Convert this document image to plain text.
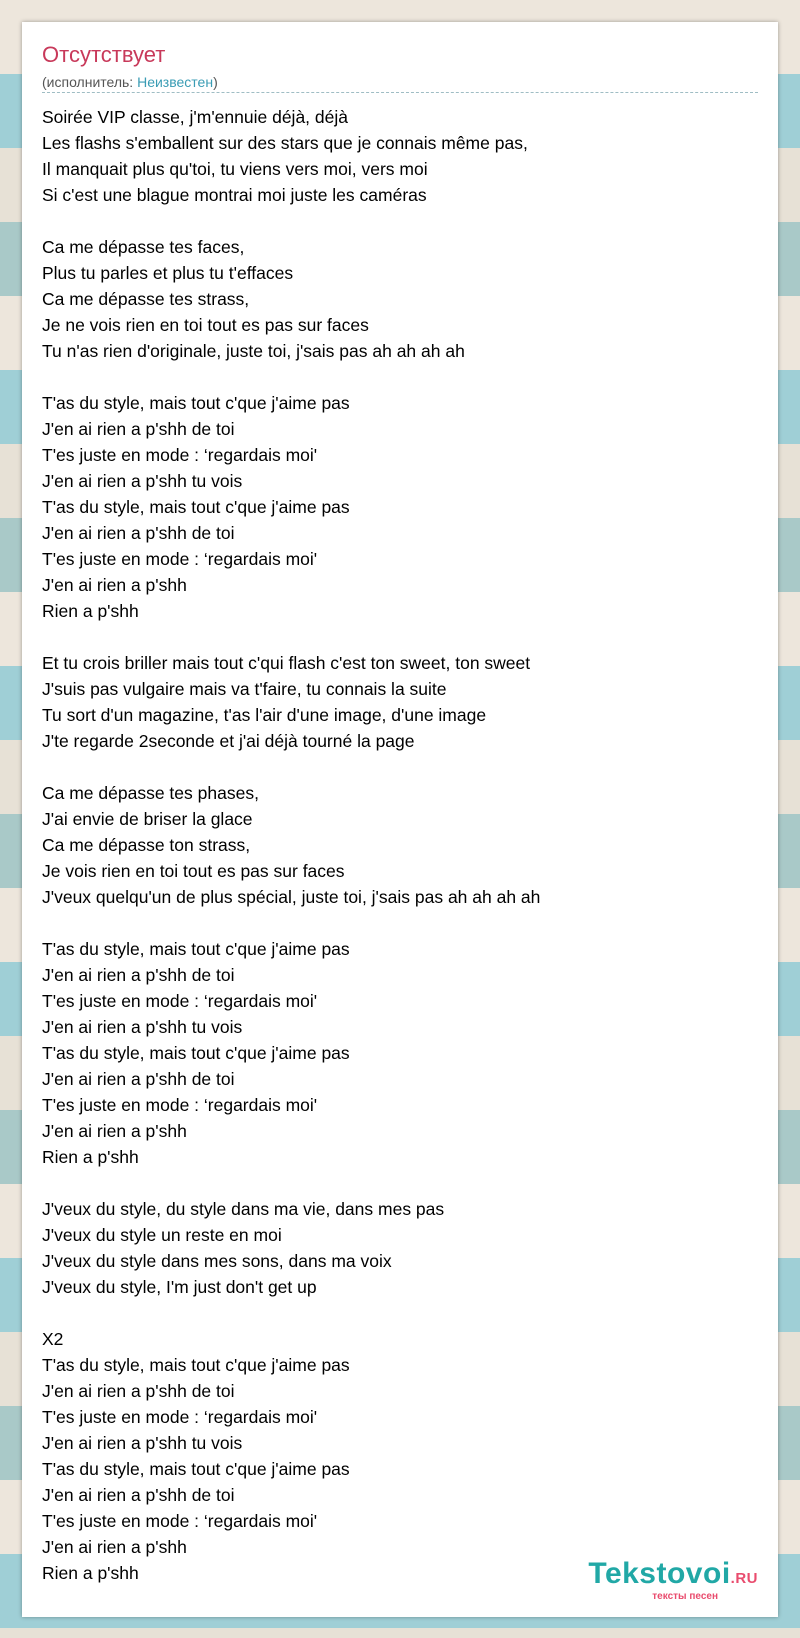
Отсутствует
(исполнитель: Неизвестен)
Soirée VIP classe, j'm'ennuie déjà, déjà
Les flashs s'emballent sur des stars que je connais même pas,
Il manquait plus qu'toi, tu viens vers moi, vers moi
Si c'est une blague montrai moi juste les caméras
Ca me dépasse tes faces,
Plus tu parles et plus tu t'effaces
Ca me dépasse tes strass,
Je ne vois rien en toi tout es pas sur faces
Tu n'as rien d'originale, juste toi, j'sais pas ah ah ah ah
T'as du style, mais tout c'que j'aime pas
J'en ai rien a p'shh de toi
T'es juste en mode : ‘regardais moi'
J'en ai rien a p'shh tu vois
T'as du style, mais tout c'que j'aime pas
J'en ai rien a p'shh de toi
T'es juste en mode : ‘regardais moi'
J'en ai rien a p'shh
Rien a p'shh
Et tu crois briller mais tout c'qui flash c'est ton sweet, ton sweet
J'suis pas vulgaire mais va t'faire, tu connais la suite
Tu sort d'un magazine, t'as l'air d'une image, d'une image
J'te regarde 2seconde et j'ai déjà tourné la page
Ca me dépasse tes phases,
J'ai envie de briser la glace
Ca me dépasse ton strass,
Je vois rien en toi tout es pas sur faces
J'veux quelqu'un de plus spécial, juste toi, j'sais pas ah ah ah ah
T'as du style, mais tout c'que j'aime pas
J'en ai rien a p'shh de toi
T'es juste en mode : ‘regardais moi'
J'en ai rien a p'shh tu vois
T'as du style, mais tout c'que j'aime pas
J'en ai rien a p'shh de toi
T'es juste en mode : ‘regardais moi'
J'en ai rien a p'shh
Rien a p'shh
J'veux du style, du style dans ma vie, dans mes pas
J'veux du style un reste en moi
J'veux du style dans mes sons, dans ma voix
J'veux du style, I'm just don't get up
X2
T'as du style, mais tout c'que j'aime pas
J'en ai rien a p'shh de toi
T'es juste en mode : ‘regardais moi'
J'en ai rien a p'shh tu vois
T'as du style, mais tout c'que j'aime pas
J'en ai rien a p'shh de toi
T'es juste en mode : ‘regardais moi'
J'en ai rien a p'shh
Rien a p'shh	Tekstovoi.RU
тексты песен
